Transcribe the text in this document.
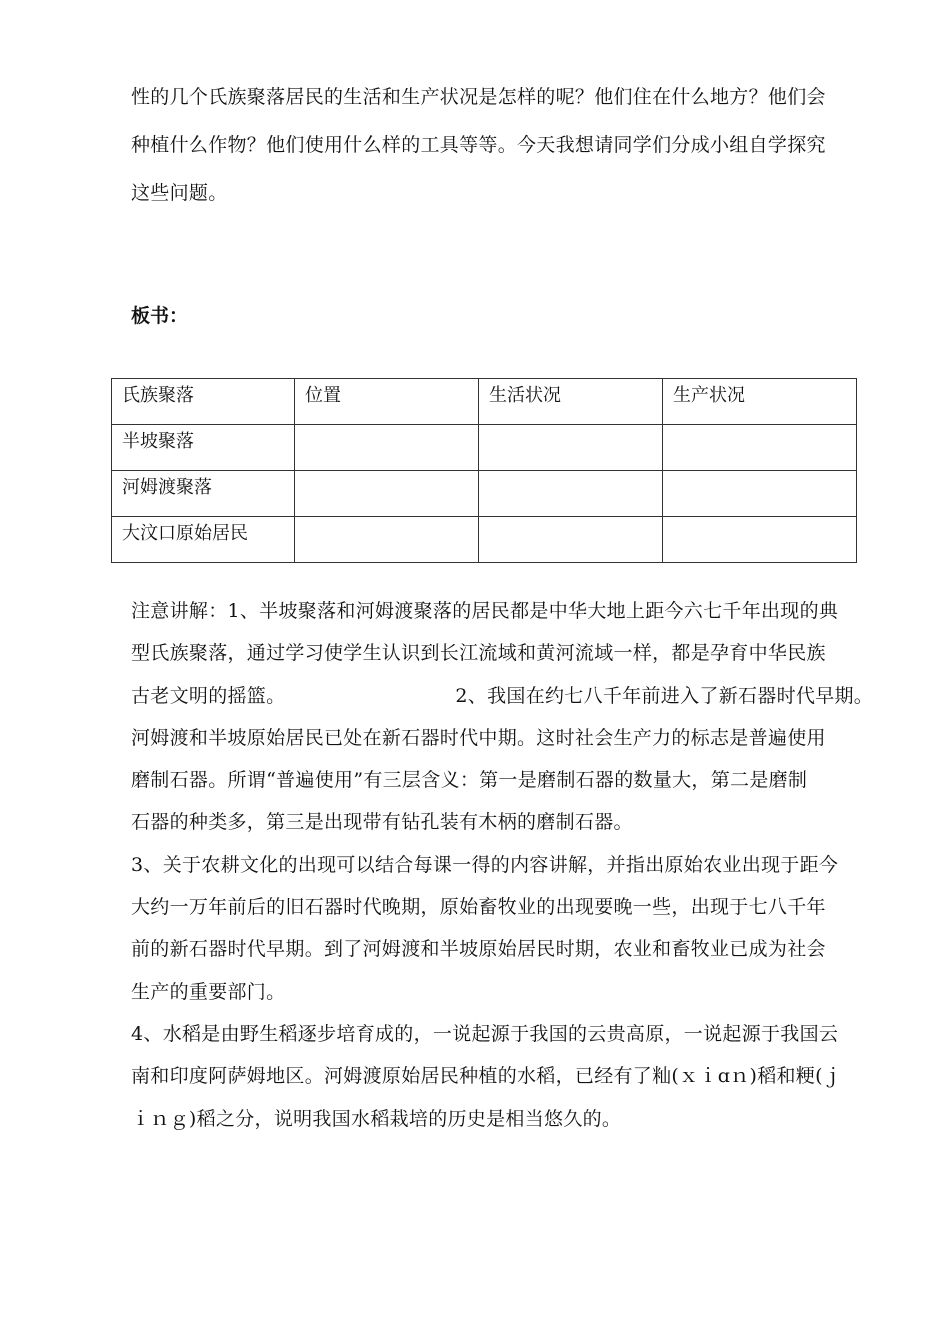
性的几个氏族聚落居民的生活和生产状况是怎样的呢？他们住在什么地方？他们会
种植什么作物？他们使用什么样的工具等等。今天我想请同学们分成小组自学探究
这些问题。

板书：
氏族聚落	位置	生活状况	生产状况
半坡聚落			
河姆渡聚落			
大汶口原始居民			
注意讲解：1、半坡聚落和河姆渡聚落的居民都是中华大地上距今六七千年出现的典
型氏族聚落，通过学习使学生认识到长江流域和黄河流域一样，都是孕育中华民族
古老文明的摇篮。	2、我国在约七八千年前进入了新石器时代早期。
河姆渡和半坡原始居民已处在新石器时代中期。这时社会生产力的标志是普遍使用
磨制石器。所谓“普遍使用”有三层含义：第一是磨制石器的数量大，第二是磨制
石器的种类多，第三是出现带有钻孔装有木柄的磨制石器。
3、关于农耕文化的出现可以结合每课一得的内容讲解，并指出原始农业出现于距今
大约一万年前后的旧石器时代晚期，原始畜牧业的出现要晚一些，出现于七八千年
前的新石器时代早期。到了河姆渡和半坡原始居民时期，农业和畜牧业已成为社会
生产的重要部门。
4、水稻是由野生稻逐步培育成的，一说起源于我国的云贵高原，一说起源于我国云
南和印度阿萨姆地区。河姆渡原始居民种植的水稻，已经有了籼(ｘｉɑｎ)稻和粳(ｊ
ｉｎｇ)稻之分，说明我国水稻栽培的历史是相当悠久的。
